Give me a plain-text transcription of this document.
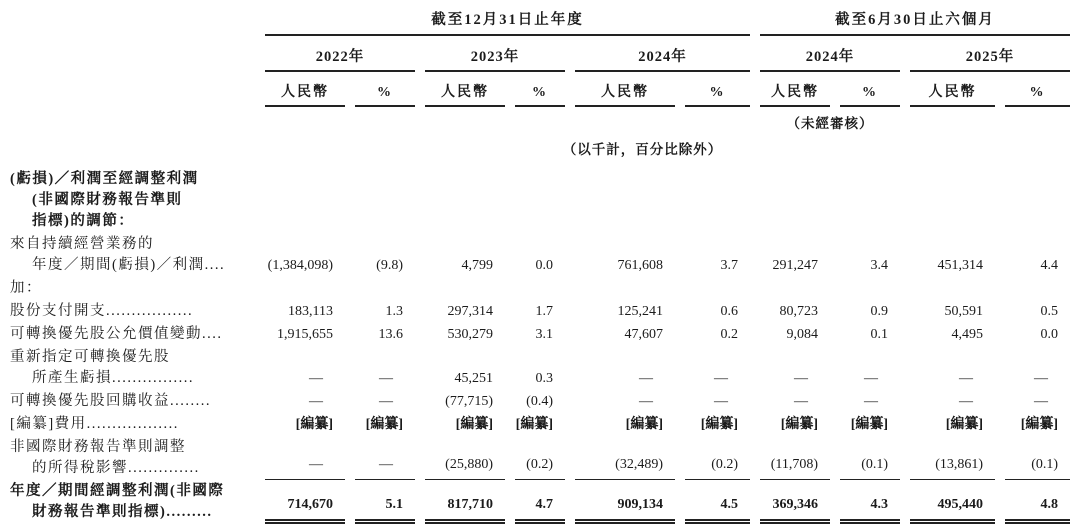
	截至12月31日止年度						截至6月30日止六個月			
	2022年		2023年		2024年		2024年		2025年	
	人民幣	%	人民幣	%	人民幣	%	人民幣	%	人民幣	%
							（未經審核）			
	（以千計，百分比除外）									

(虧損)／利潤至經調整利潤
(非國際財務報告準則
指標)的調節：										

來自持續經營業務的
年度／期間(虧損)／利潤....	(1,384,098)	(9.8)	4,799	0.0	761,608	3.7	291,247	3.4	451,314	4.4

加：										

股份支付開支.................	183,113	1.3	297,314	1.7	125,241	0.6	80,723	0.9	50,591	0.5

可轉換優先股公允價值變動....	1,915,655	13.6	530,279	3.1	47,607	0.2	9,084	0.1	4,495	0.0

重新指定可轉換優先股
所產生虧損................	—	—	45,251	0.3	—	—	—	—	—	—

可轉換優先股回購收益........	—	—	(77,715)	(0.4)	—	—	—	—	—	—

[編纂]費用..................	[編纂]	[編纂]	[編纂]	[編纂]	[編纂]	[編纂]	[編纂]	[編纂]	[編纂]	[編纂]

非國際財務報告準則調整
的所得稅影響..............	—	—	(25,880)	(0.2)	(32,489)	(0.2)	(11,708)	(0.1)	(13,861)	(0.1)

年度／期間經調整利潤(非國際
財務報告準則指標).........	714,670	5.1	817,710	4.7	909,134	4.5	369,346	4.3	495,440	4.8
